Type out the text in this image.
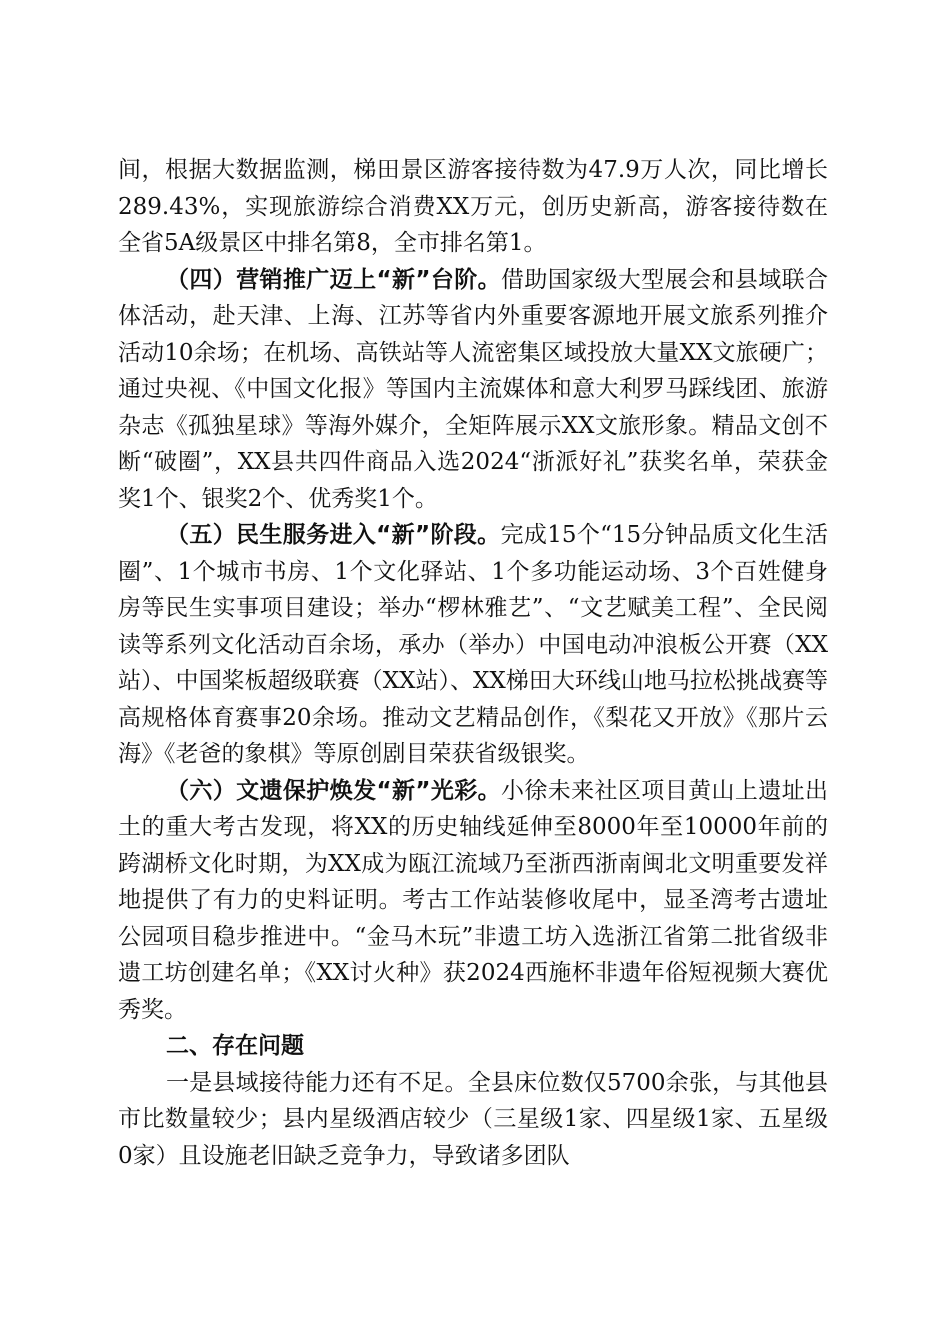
间，根据大数据监测，梯田景区游客接待数为47.9万人次，同比增长289.43%，实现旅游综合消费XX万元，创历史新高，游客接待数在全省5A级景区中排名第8，全市排名第1。

（四）营销推广迈上“新”台阶。借助国家级大型展会和县域联合体活动，赴天津、上海、江苏等省内外重要客源地开展文旅系列推介活动10余场；在机场、高铁站等人流密集区域投放大量XX文旅硬广；通过央视、《中国文化报》等国内主流媒体和意大利罗马踩线团、旅游杂志《孤独星球》等海外媒介，全矩阵展示XX文旅形象。精品文创不断“破圈”，XX县共四件商品入选2024“浙派好礼”获奖名单，荣获金奖1个、银奖2个、优秀奖1个。

（五）民生服务进入“新”阶段。完成15个“15分钟品质文化生活圈”、1个城市书房、1个文化驿站、1个多功能运动场、3个百姓健身房等民生实事项目建设；举办“椤林雅艺”、“文艺赋美工程”、全民阅读等系列文化活动百余场，承办（举办）中国电动冲浪板公开赛（XX站）、中国桨板超级联赛（XX站）、XX梯田大环线山地马拉松挑战赛等高规格体育赛事20余场。推动文艺精品创作，《梨花又开放》《那片云海》《老爸的象棋》等原创剧目荣获省级银奖。

（六）文遗保护焕发“新”光彩。小徐未来社区项目黄山上遗址出土的重大考古发现，将XX的历史轴线延伸至8000年至10000年前的跨湖桥文化时期，为XX成为瓯江流域乃至浙西浙南闽北文明重要发祥地提供了有力的史料证明。考古工作站装修收尾中，显圣湾考古遗址公园项目稳步推进中。“金马木玩”非遗工坊入选浙江省第二批省级非遗工坊创建名单；《XX讨火种》获2024西施杯非遗年俗短视频大赛优秀奖。

二、存在问题

一是县域接待能力还有不足。全县床位数仅5700余张，与其他县市比数量较少；县内星级酒店较少（三星级1家、四星级1家、五星级0家）且设施老旧缺乏竞争力，导致诸多团队
